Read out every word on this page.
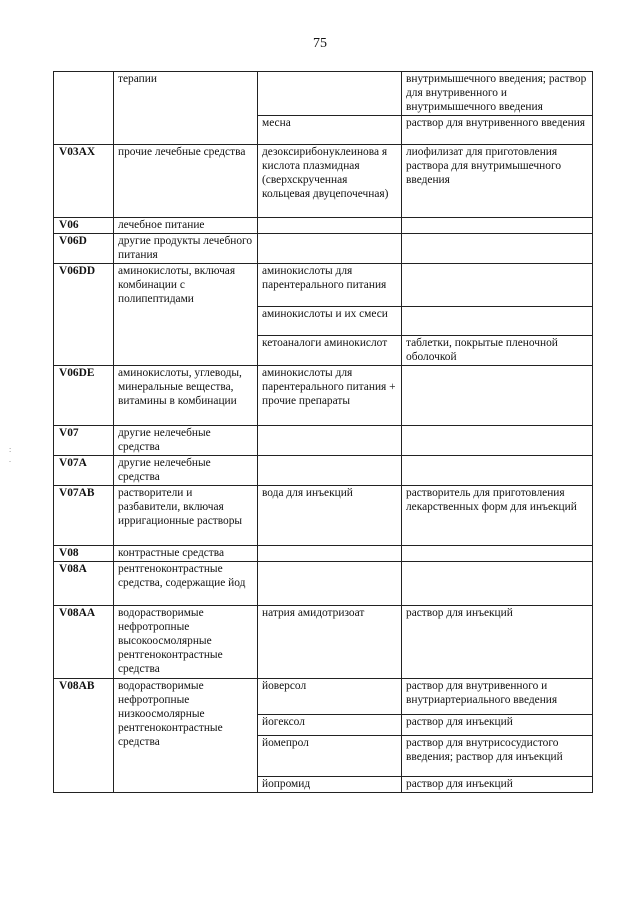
75
:
.
	терапии		внутримышечного введения; раствор для внутривенного и внутримышечного введения
		месна	раствор для внутривенного введения
V03AX	прочие лечебные средства	дезоксирибонуклеинова я кислота плазмидная (сверхскрученная кольцевая двуцепочечная)	лиофилизат для приготовления раствора для внутримышечного введения
V06	лечебное питание		
V06D	другие продукты лечебного питания		
V06DD	аминокислоты, включая комбинации с полипептидами	аминокислоты для парентерального питания	
		аминокислоты и их смеси	
		кетоаналоги аминокислот	таблетки, покрытые пленочной оболочкой
V06DE	аминокислоты, углеводы, минеральные вещества, витамины в комбинации	аминокислоты для парентерального питания + прочие препараты	
V07	другие нелечебные средства		
V07A	другие нелечебные средства		
V07AB	растворители и разбавители, включая ирригационные растворы	вода для инъекций	растворитель для приготовления лекарственных форм для инъекций
V08	контрастные средства		
V08A	рентгеноконтрастные средства, содержащие йод		
V08AA	водорастворимые нефротропные высокоосмолярные рентгеноконтрастные средства	натрия амидотризоат	раствор для инъекций
V08AB	водорастворимые нефротропные низкоосмолярные рентгеноконтрастные средства	йоверсол	раствор для внутривенного и внутриартериального введения
		йогексол	раствор для инъекций
		йомепрол	раствор для внутрисосудистого введения; раствор для инъекций
		йопромид	раствор для инъекций
